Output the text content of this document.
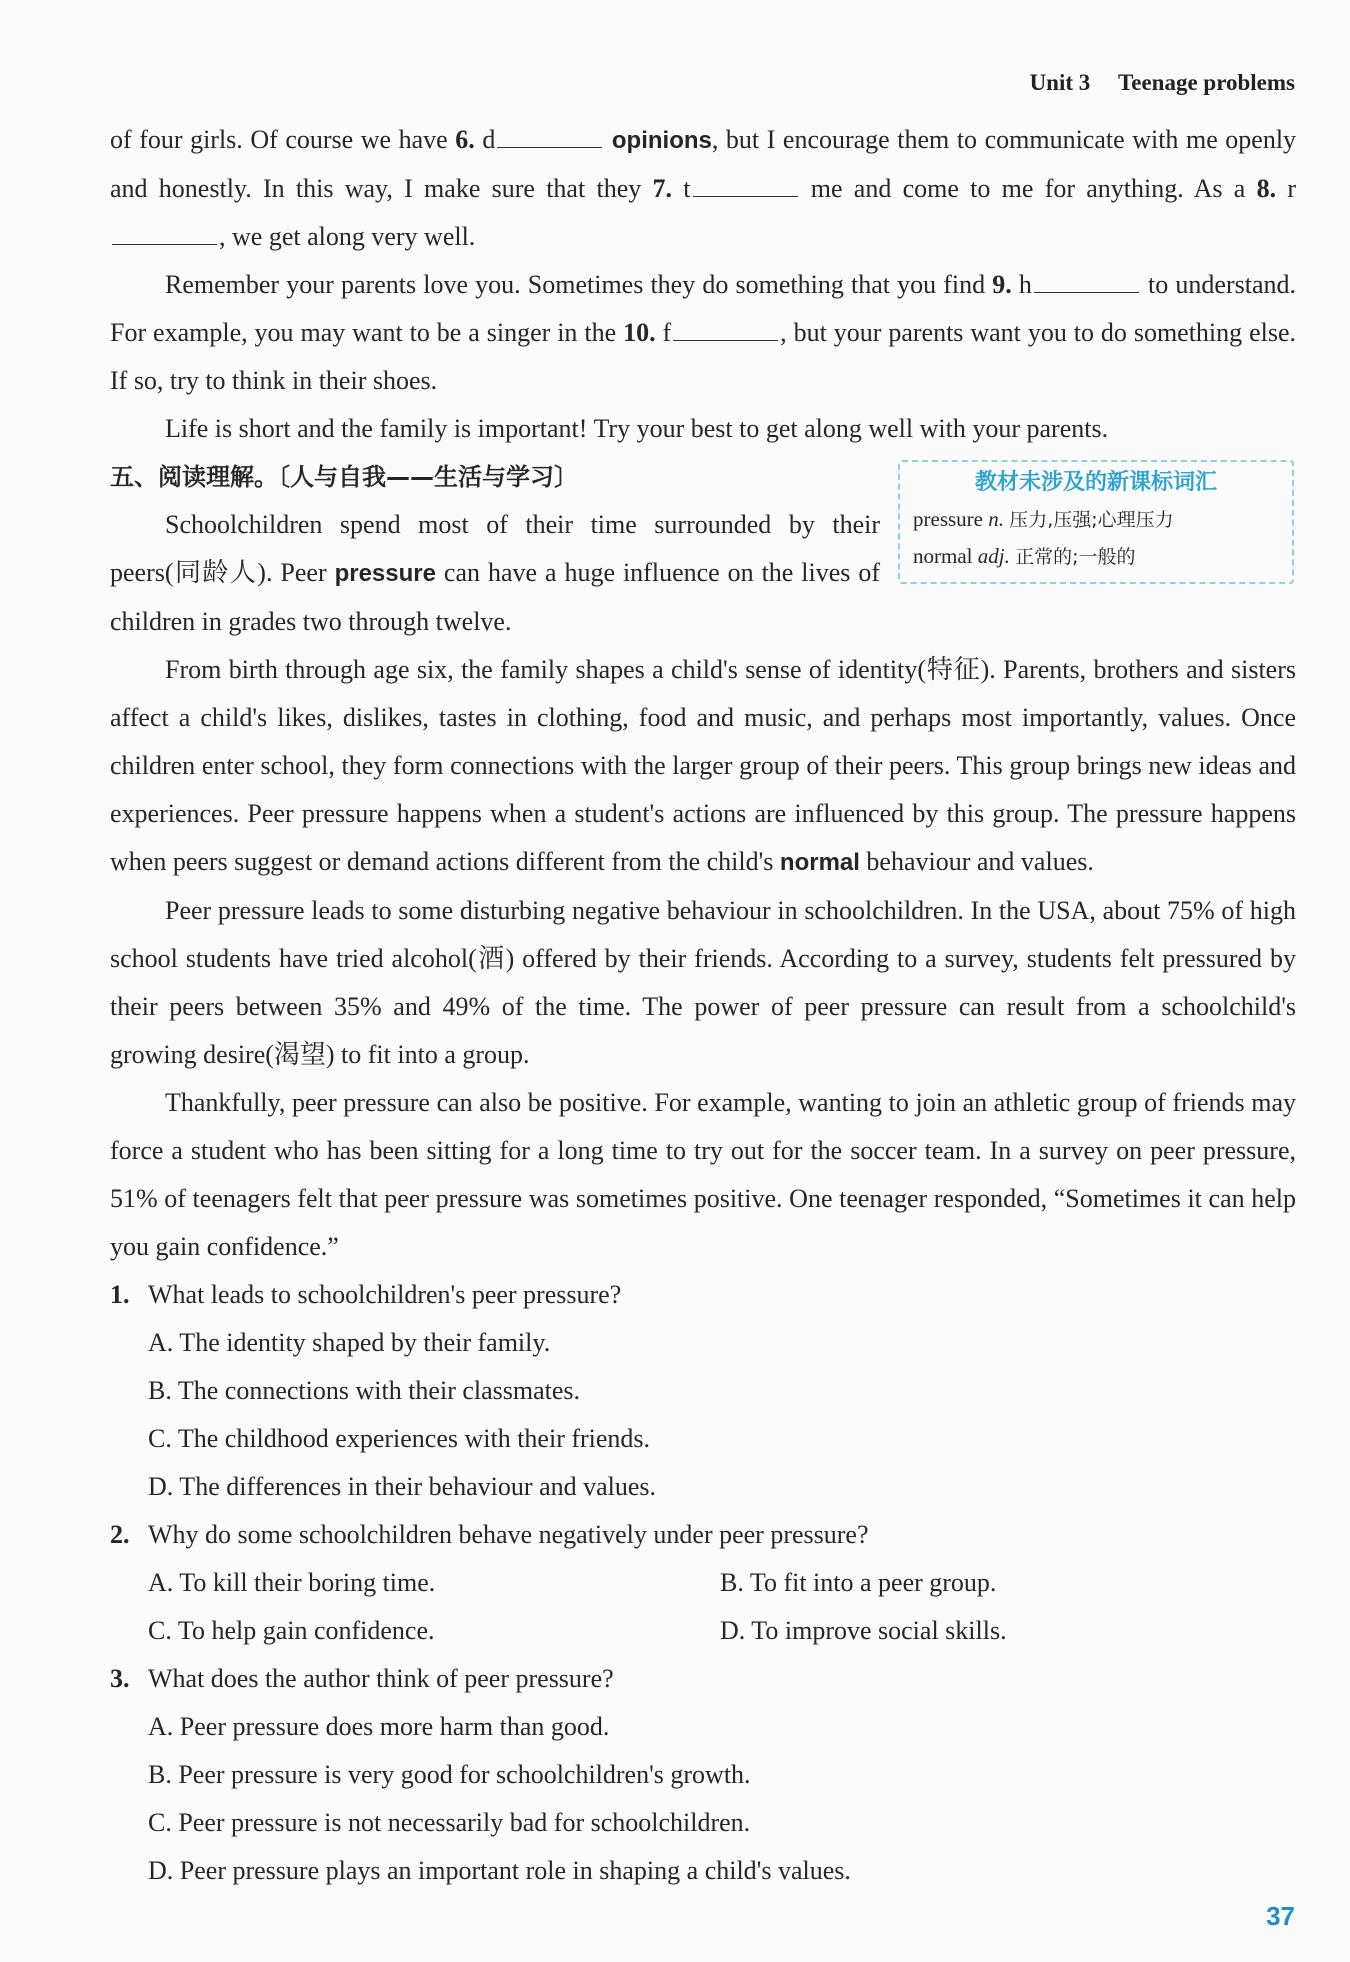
Unit 3 Teenage problems

of four girls. Of course we have 6. d	opinions, but I encourage them to communicate with me openly and honestly. In this way, I make sure that they 7. t	me and come to me for anything. As a 8. r, we get along very well.

Remember your parents love you. Sometimes they do something that you find 9. h	to understand. For example, you may want to be a singer in the 10. f	, but your parents want you to do something else. If so, try to think in their shoes.

Life is short and the family is important! Try your best to get along well with your parents.

五、阅读理解。〔人与自我——生活与学习〕

Schoolchildren spend most of their time surrounded by their peers(同龄人). Peer pressure can have a huge influence on the lives of children in grades two through twelve.

From birth through age six, the family shapes a child's sense of identity(特征). Parents, brothers and sisters affect a child's likes, dislikes, tastes in clothing, food and music, and perhaps most importantly, values. Once children enter school, they form connections with the larger group of their peers. This group brings new ideas and experiences. Peer pressure happens when a student's actions are influenced by this group. The pressure happens when peers suggest or demand actions different from the child's normal behaviour and values.

Peer pressure leads to some disturbing negative behaviour in schoolchildren. In the USA, about 75% of high school students have tried alcohol(酒) offered by their friends. According to a survey, students felt pressured by their peers between 35% and 49% of the time. The power of peer pressure can result from a schoolchild's growing desire(渴望) to fit into a group.

Thankfully, peer pressure can also be positive. For example, wanting to join an athletic group of friends may force a student who has been sitting for a long time to try out for the soccer team. In a survey on peer pressure, 51% of teenagers felt that peer pressure was sometimes positive. One teenager responded, “Sometimes it can help you gain confidence.”

1. What leads to schoolchildren's peer pressure?
A. The identity shaped by their family.
B. The connections with their classmates.
C. The childhood experiences with their friends.
D. The differences in their behaviour and values.
2. Why do some schoolchildren behave negatively under peer pressure?
A. To kill their boring time.	B. To fit into a peer group.
C. To help gain confidence.	D. To improve social skills.
3. What does the author think of peer pressure?
A. Peer pressure does more harm than good.
B. Peer pressure is very good for schoolchildren's growth.
C. Peer pressure is not necessarily bad for schoolchildren.
D. Peer pressure plays an important role in shaping a child's values.
教材未涉及的新课标词汇
pressure n. 压力,压强;心理压力
normal adj. 正常的;一般的
37
